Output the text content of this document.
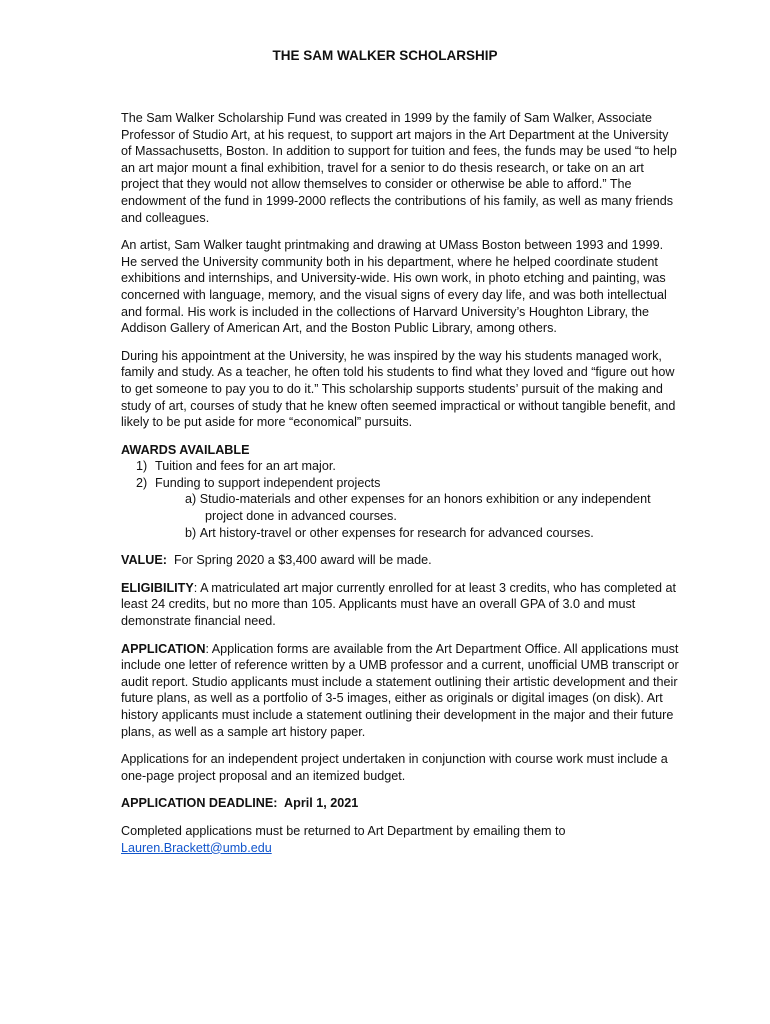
THE SAM WALKER SCHOLARSHIP

The Sam Walker Scholarship Fund was created in 1999 by the family of Sam Walker, Associate Professor of Studio Art, at his request, to support art majors in the Art Department at the University of Massachusetts, Boston. In addition to support for tuition and fees, the funds may be used “to help an art major mount a final exhibition, travel for a senior to do thesis research, or take on an art project that they would not allow themselves to consider or otherwise be able to afford.” The endowment of the fund in 1999-2000 reflects the contributions of his family, as well as many friends and colleagues.

An artist, Sam Walker taught printmaking and drawing at UMass Boston between 1993 and 1999. He served the University community both in his department, where he helped coordinate student exhibitions and internships, and University-wide. His own work, in photo etching and painting, was concerned with language, memory, and the visual signs of every day life, and was both intellectual and formal. His work is included in the collections of Harvard University’s Houghton Library, the Addison Gallery of American Art, and the Boston Public Library, among others.

During his appointment at the University, he was inspired by the way his students managed work, family and study. As a teacher, he often told his students to find what they loved and “figure out how to get someone to pay you to do it.” This scholarship supports students’ pursuit of the making and study of art, courses of study that he knew often seemed impractical or without tangible benefit, and likely to be put aside for more “economical” pursuits.

AWARDS AVAILABLE
1) Tuition and fees for an art major.
2) Funding to support independent projects
a) Studio-materials and other expenses for an honors exhibition or any independent project done in advanced courses.
b) Art history-travel or other expenses for research for advanced courses.

VALUE: For Spring 2020 a $3,400 award will be made.

ELIGIBILITY: A matriculated art major currently enrolled for at least 3 credits, who has completed at least 24 credits, but no more than 105. Applicants must have an overall GPA of 3.0 and must demonstrate financial need.

APPLICATION: Application forms are available from the Art Department Office. All applications must include one letter of reference written by a UMB professor and a current, unofficial UMB transcript or audit report. Studio applicants must include a statement outlining their artistic development and their future plans, as well as a portfolio of 3-5 images, either as originals or digital images (on disk). Art history applicants must include a statement outlining their development in the major and their future plans, as well as a sample art history paper.

Applications for an independent project undertaken in conjunction with course work must include a one-page project proposal and an itemized budget.

APPLICATION DEADLINE: April 1, 2021

Completed applications must be returned to Art Department by emailing them to
Lauren.Brackett@umb.edu
